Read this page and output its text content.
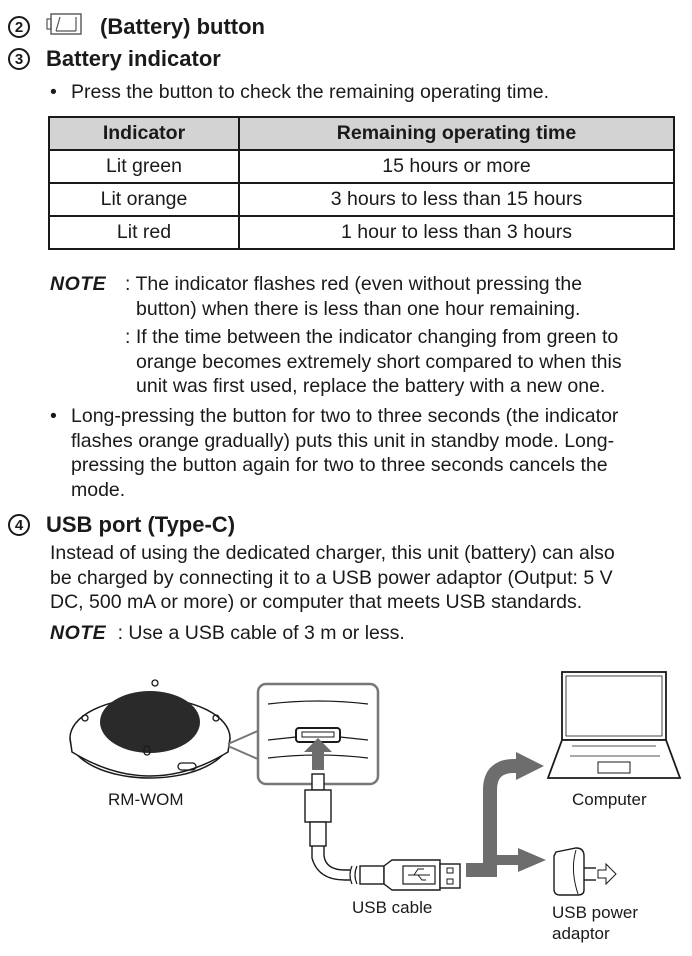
2	(Battery) button
3	Battery indicator
• Press the button to check the remaining operating time.
Indicator	Remaining operating time
Lit green	15 hours or more
Lit orange	3 hours to less than 15 hours
Lit red	1 hour to less than 3 hours
NOTE : The indicator flashes red (even without pressing the
button) when there is less than one hour remaining.
: If the time between the indicator changing from green to
orange becomes extremely short compared to when this
unit was first used, replace the battery with a new one.
• Long-pressing the button for two to three seconds (the indicator
flashes orange gradually) puts this unit in standby mode. Long-
pressing the button again for two to three seconds cancels the
mode.
4	USB port (Type-C)
Instead of using the dedicated charger, this unit (battery) can also
be charged by connecting it to a USB power adaptor (Output: 5 V
DC, 500 mA or more) or computer that meets USB standards.
NOTE : Use a USB cable of 3 m or less.
RM-WOM	Computer
USB cable	USB power
adaptor
